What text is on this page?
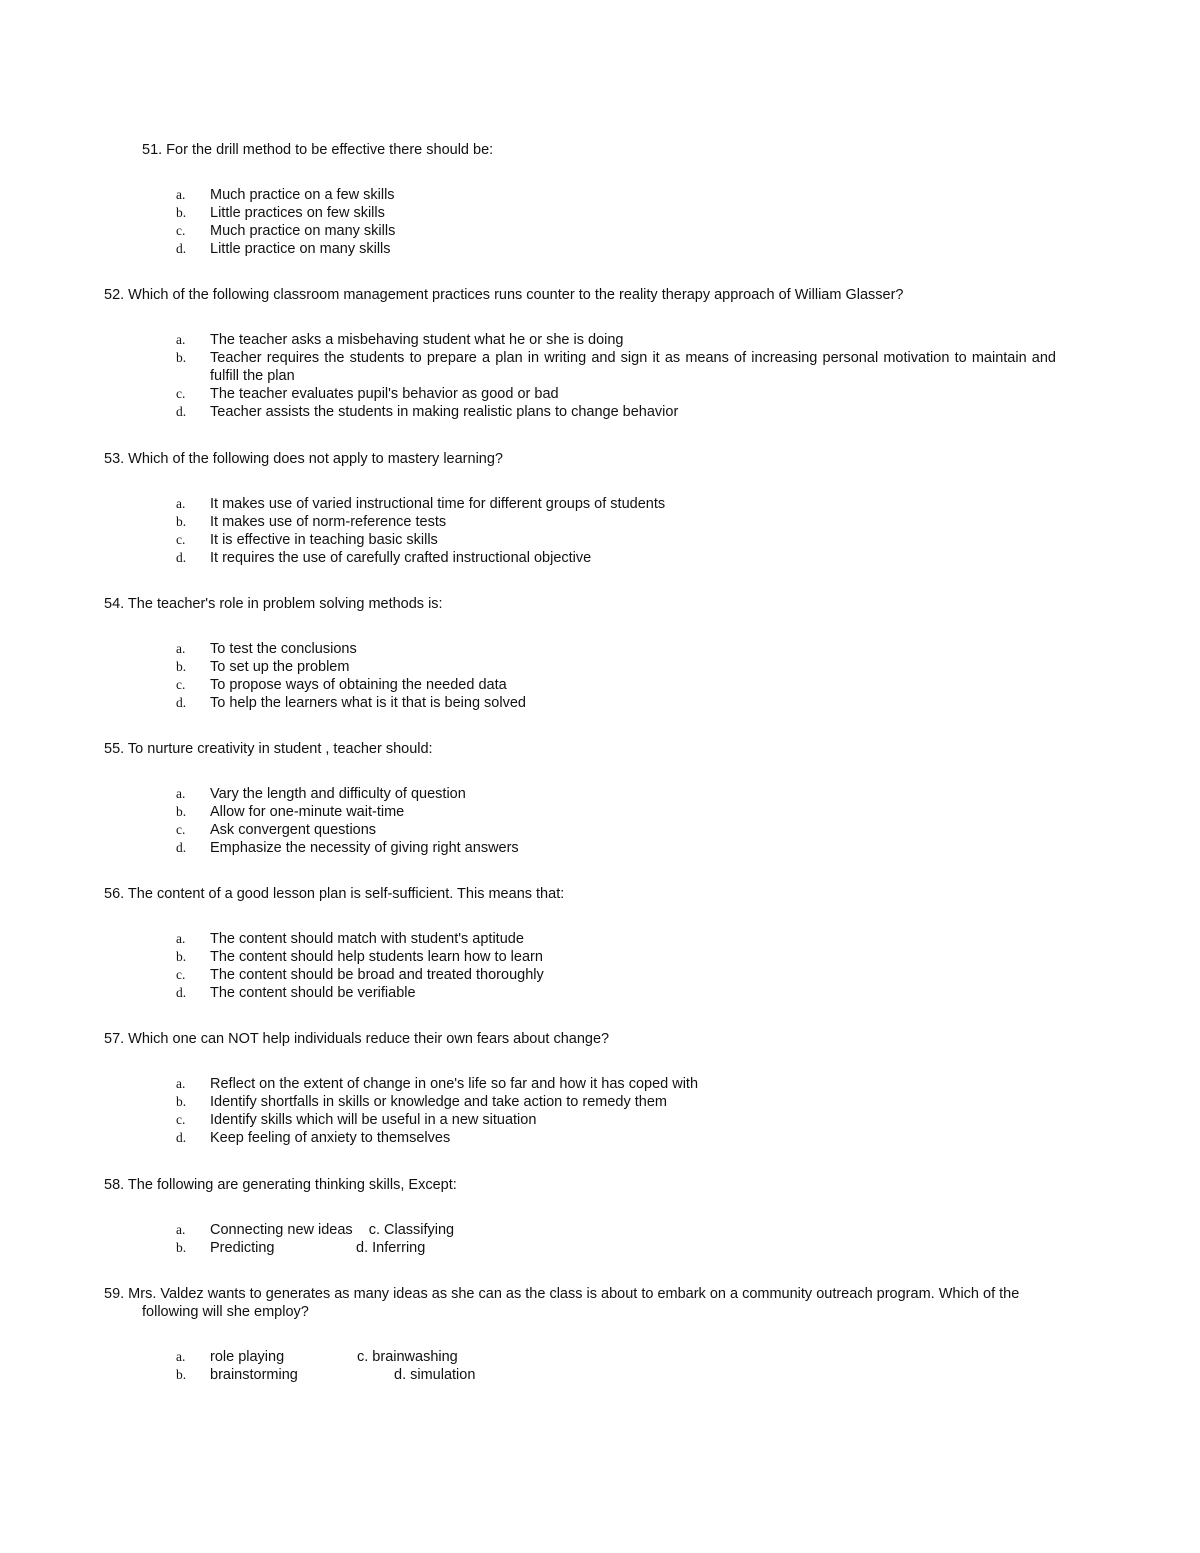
51. For the drill method to be effective there should be:
a. Much practice on a few skills
b. Little practices on few skills
c. Much practice on many skills
d. Little practice on many skills
52. Which of the following classroom management practices runs counter to the reality therapy approach of William Glasser?
a. The teacher asks a misbehaving student what he or she is doing
b. Teacher requires the students to prepare a plan in writing and sign it as means of increasing personal motivation to maintain and fulfill the plan
c. The teacher evaluates pupil's behavior as good or bad
d. Teacher assists the students in making realistic plans to change behavior
53. Which of the following does not apply to mastery learning?
a. It makes use of varied instructional time for different groups of students
b. It makes use of norm-reference tests
c. It is effective in teaching basic skills
d. It requires the use of carefully crafted instructional objective
54. The teacher's role in problem solving methods is:
a. To test the conclusions
b. To set up the problem
c. To propose ways of obtaining the needed data
d. To help the learners what is it that is being solved
55. To nurture creativity in student , teacher should:
a. Vary the length and difficulty of question
b. Allow for one-minute wait-time
c. Ask convergent questions
d. Emphasize the necessity of giving right answers
56. The content of a good lesson plan is self-sufficient. This means that:
a. The content should match with student's aptitude
b. The content should help students learn how to learn
c. The content should be broad and treated thoroughly
d. The content should be verifiable
57. Which one can NOT help individuals reduce their own fears about change?
a. Reflect on the extent of change in one's life so far and how it has coped with
b. Identify shortfalls in skills or knowledge and take action to remedy them
c. Identify skills which will be useful in a new situation
d. Keep feeling of anxiety to themselves
58. The following are generating thinking skills, Except:
a. Connecting new ideas c. Classifying
b. Predicting	d. Inferring
59. Mrs. Valdez wants to generates as many ideas as she can as the class is about to embark on a community outreach program. Which of the following will she employ?
a. role playing	c. brainwashing
b. brainstorming	d. simulation
